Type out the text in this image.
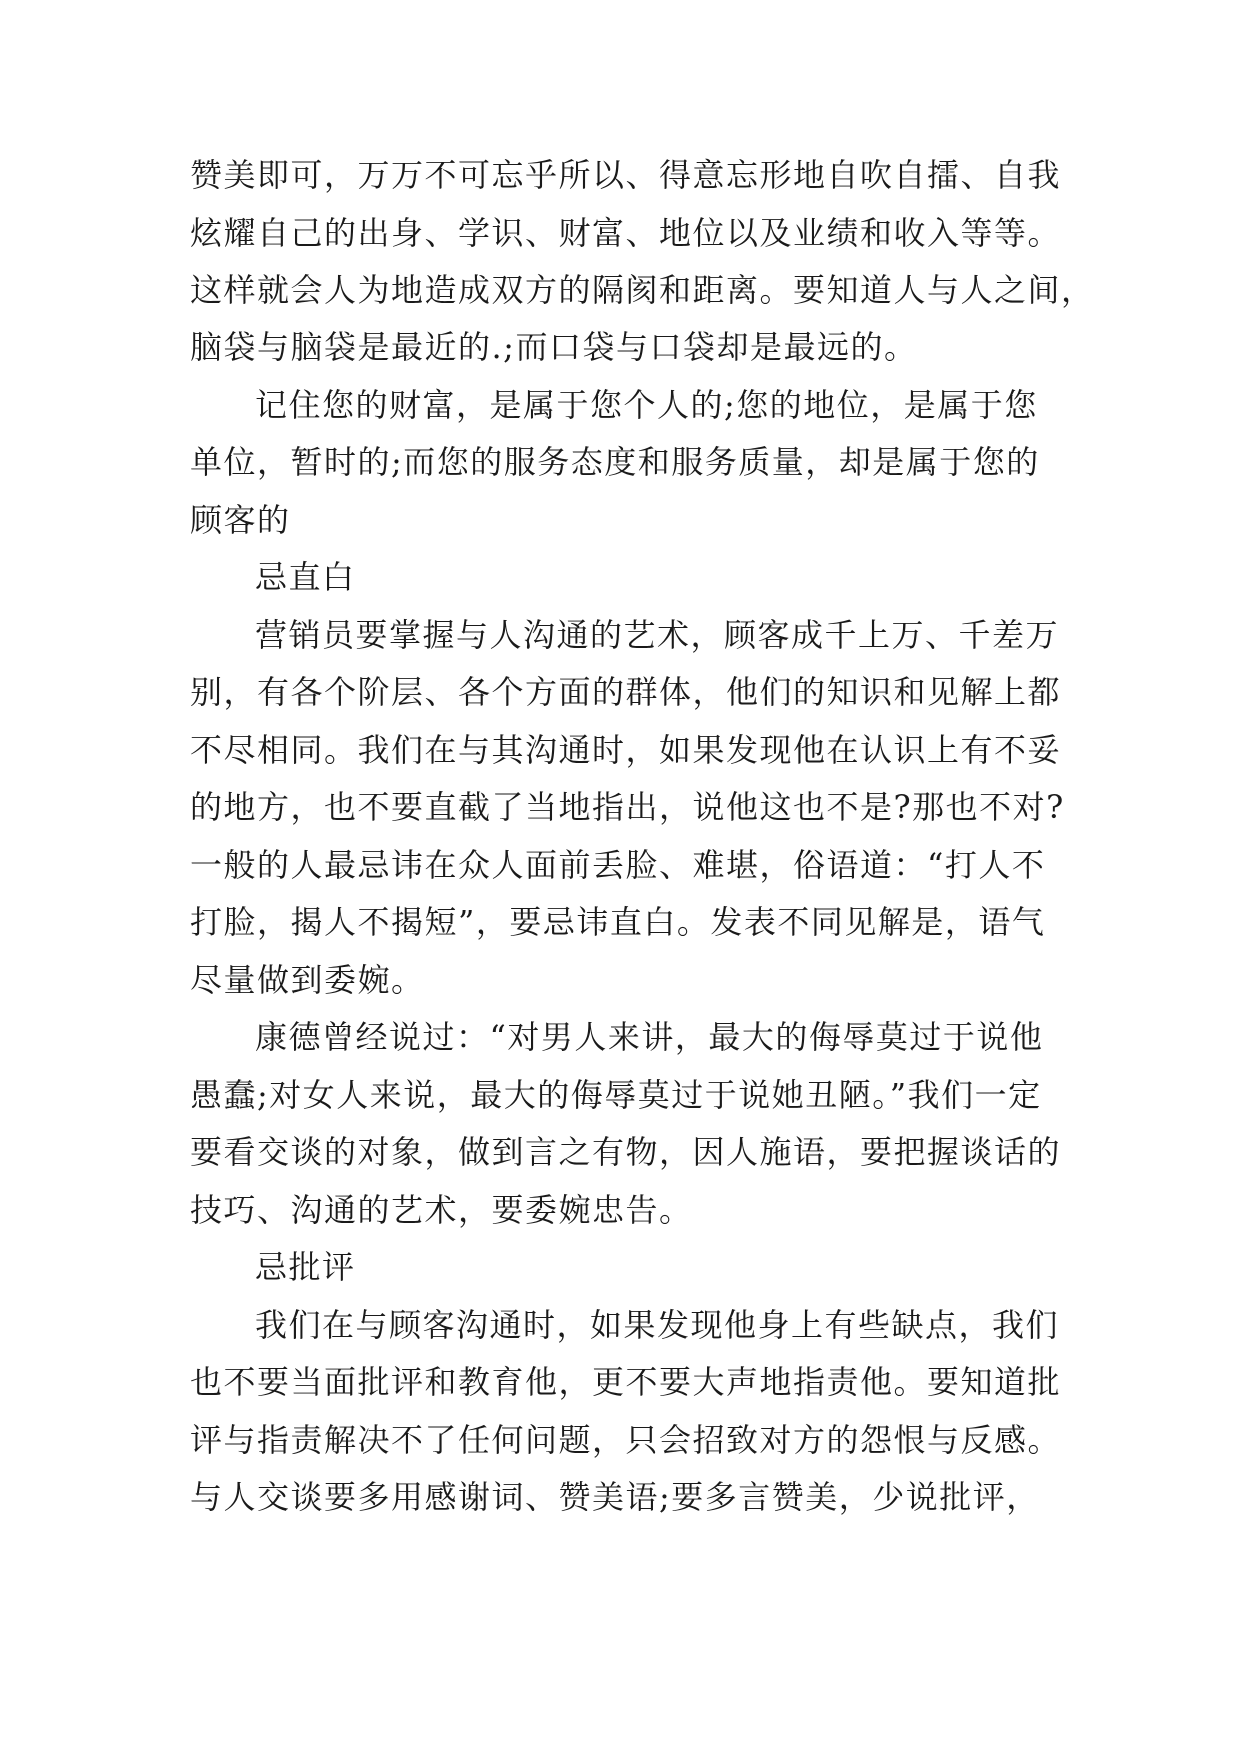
赞美即可，万万不可忘乎所以、得意忘形地自吹自擂、自我

炫耀自己的出身、学识、财富、地位以及业绩和收入等等。

这样就会人为地造成双方的隔阂和距离。要知道人与人之间，

脑袋与脑袋是最近的.;而口袋与口袋却是最远的。

记住您的财富，是属于您个人的;您的地位，是属于您

单位，暂时的;而您的服务态度和服务质量，却是属于您的

顾客的

忌直白

营销员要掌握与人沟通的艺术，顾客成千上万、千差万

别，有各个阶层、各个方面的群体，他们的知识和见解上都

不尽相同。我们在与其沟通时，如果发现他在认识上有不妥

的地方，也不要直截了当地指出，说他这也不是?那也不对?

一般的人最忌讳在众人面前丢脸、难堪，俗语道：“打人不

打脸，揭人不揭短”，要忌讳直白。发表不同见解是，语气

尽量做到委婉。

康德曾经说过：“对男人来讲，最大的侮辱莫过于说他

愚蠢;对女人来说，最大的侮辱莫过于说她丑陋。”我们一定

要看交谈的对象，做到言之有物，因人施语，要把握谈话的

技巧、沟通的艺术，要委婉忠告。

忌批评

我们在与顾客沟通时，如果发现他身上有些缺点，我们

也不要当面批评和教育他，更不要大声地指责他。要知道批

评与指责解决不了任何问题，只会招致对方的怨恨与反感。

与人交谈要多用感谢词、赞美语;要多言赞美，少说批评，
